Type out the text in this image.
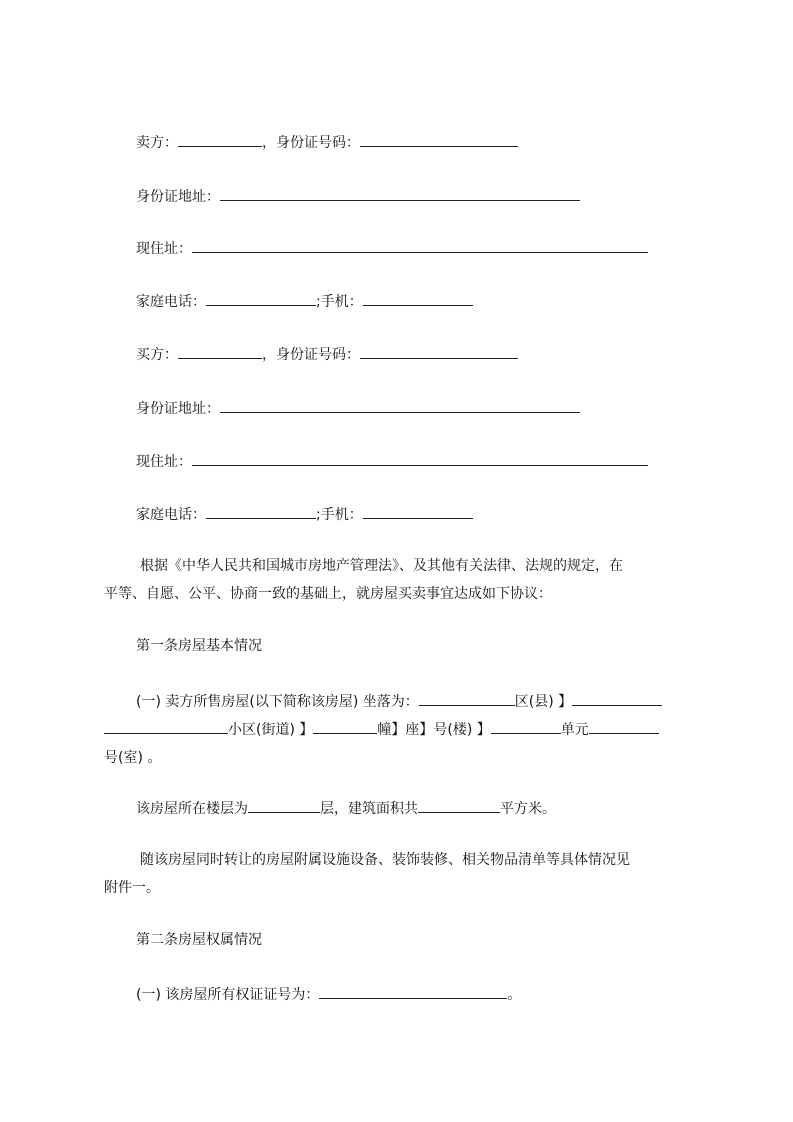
卖方：	，身份证号码：
身份证地址：
现住址：
家庭电话：	;手机：
买方：	，身份证号码：
身份证地址：
现住址：
家庭电话：	;手机：
根据《中华人民共和国城市房地产管理法》、及其他有关法律、法规的规定，在
平等、自愿、公平、协商一致的基础上，就房屋买卖事宜达成如下协议：
第一条房屋基本情况
(一) 卖方所售房屋(以下简称该房屋) 坐落为：	区(县) 】
小区(街道) 】	幢】座】号(楼) 】	单元
号(室) 。
该房屋所在楼层为	层，建筑面积共	平方米。
随该房屋同时转让的房屋附属设施设备、装饰装修、相关物品清单等具体情况见
附件一。
第二条房屋权属情况
(一) 该房屋所有权证证号为：	。
